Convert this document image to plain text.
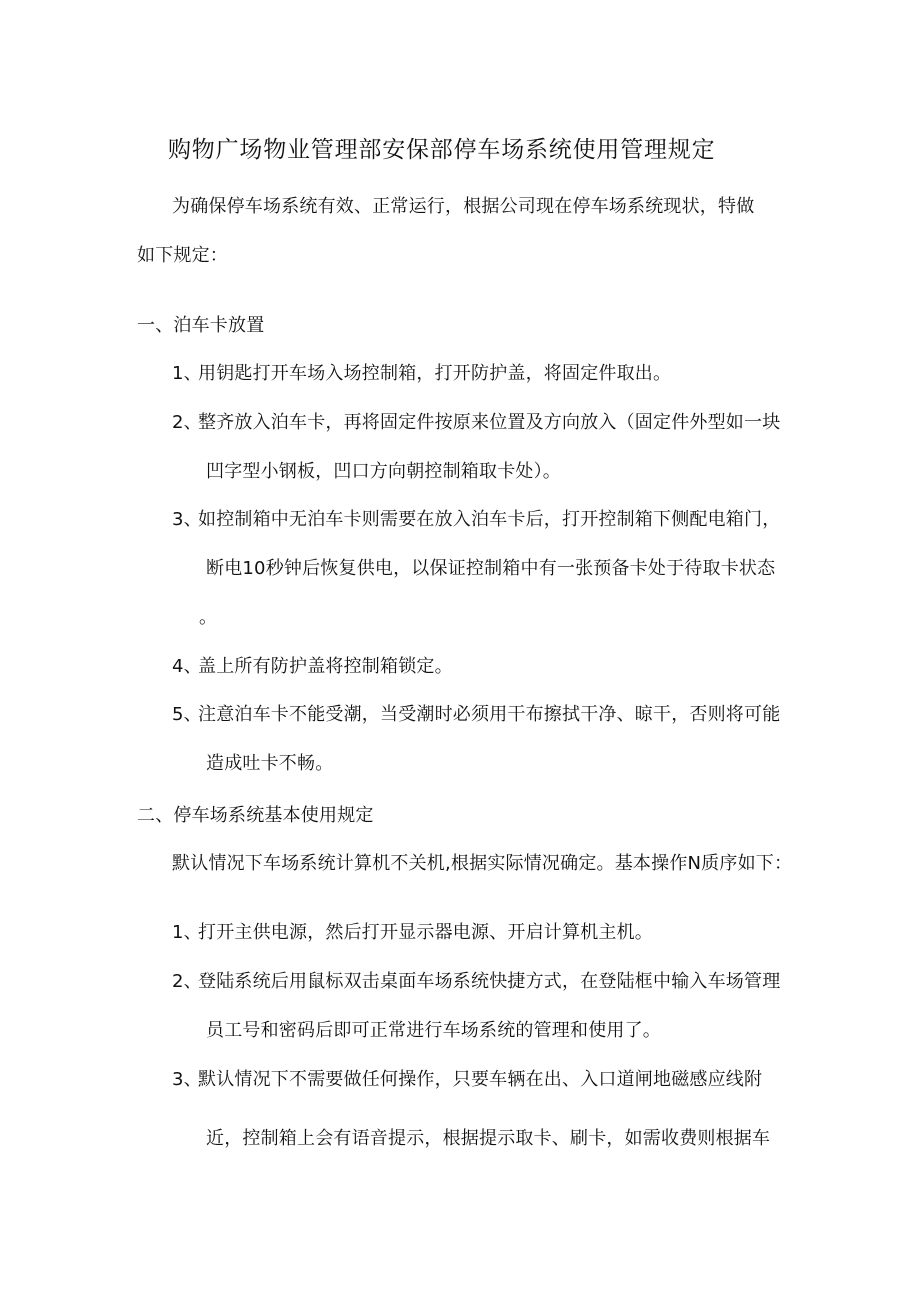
购物广场物业管理部安保部停车场系统使用管理规定
为确保停车场系统有效、正常运行，根据公司现在停车场系统现状，特做
如下规定：
一、泊车卡放置
1、
用钥匙打开车场入场控制箱，打开防护盖，将固定件取出。
2、
整齐放入泊车卡，再将固定件按原来位置及方向放入（固定件外型如一块
凹字型小钢板，凹口方向朝控制箱取卡处）。
3、
如控制箱中无泊车卡则需要在放入泊车卡后，打开控制箱下侧配电箱门，
断电10秒钟后恢复供电，以保证控制箱中有一张预备卡处于待取卡状态
。
4、
盖上所有防护盖将控制箱锁定。
5、
注意泊车卡不能受潮，当受潮时必须用干布擦拭干净、晾干，否则将可能
造成吐卡不畅。
二、停车场系统基本使用规定
默认情况下车场系统计算机不关机,根据实际情况确定。基本操作N质序如下：
1、
打开主供电源，然后打开显示器电源、开启计算机主机。
2、
登陆系统后用鼠标双击桌面车场系统快捷方式，在登陆框中输入车场管理
员工号和密码后即可正常进行车场系统的管理和使用了。
3、
默认情况下不需要做任何操作，只要车辆在出、入口道闸地磁感应线附
近，控制箱上会有语音提示，根据提示取卡、刷卡，如需收费则根据车
